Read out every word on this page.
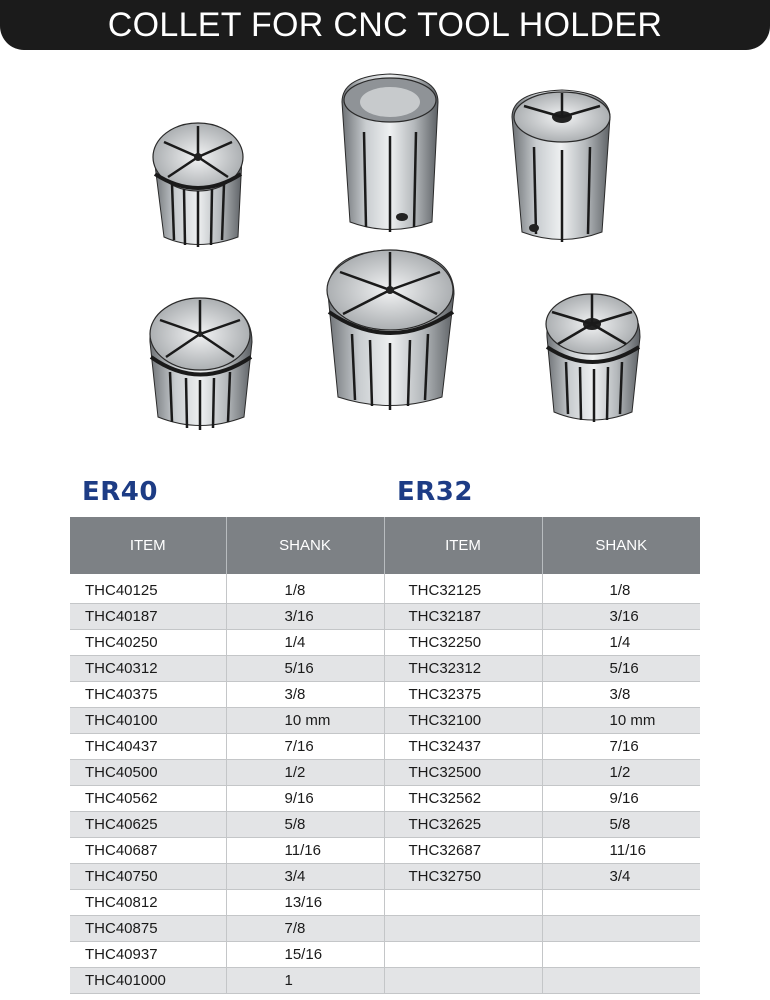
COLLET FOR CNC TOOL HOLDER
ER40	ER32
ITEM	SHANK	ITEM	SHANK

THC40125	1/8	THC32125	1/8
THC40187	3/16	THC32187	3/16
THC40250	1/4	THC32250	1/4
THC40312	5/16	THC32312	5/16
THC40375	3/8	THC32375	3/8
THC40100	10 mm	THC32100	10 mm
THC40437	7/16	THC32437	7/16
THC40500	1/2	THC32500	1/2
THC40562	9/16	THC32562	9/16
THC40625	5/8	THC32625	5/8
THC40687	11/16	THC32687	11/16
THC40750	3/4	THC32750	3/4
THC40812	13/16		
THC40875	7/8		
THC40937	15/16		
THC401000	1		
